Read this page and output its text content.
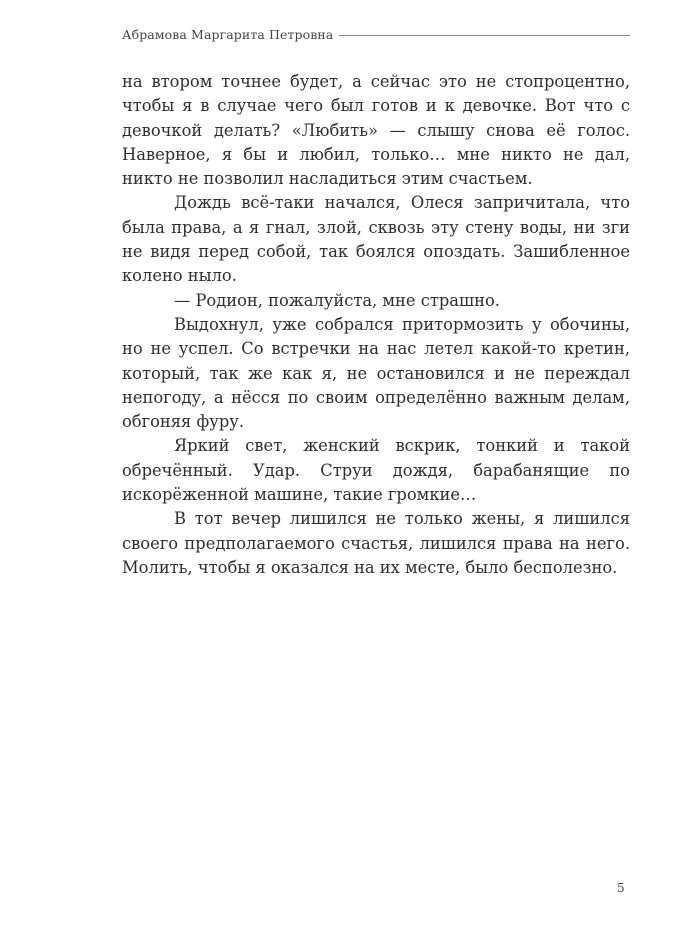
Абрамова Маргарита Петровна

на втором точнее будет, а сейчас это не стопроцентно, чтобы я в случае чего был готов и к девочке. Вот что с девочкой делать? «Любить» — слышу снова её голос. Наверное, я бы и любил, только… мне никто не дал, никто не позволил насладиться этим счастьем.

Дождь всё-таки начался, Олеся запричитала, что была права, а я гнал, злой, сквозь эту стену воды, ни зги не видя перед собой, так боялся опоздать. Зашибленное колено ныло.

— Родион, пожалуйста, мне страшно.

Выдохнул, уже собрался притормозить у обочины, но не успел. Со встречки на нас летел какой-то кретин, который, так же как я, не остановился и не переждал непогоду, а нёсся по своим определённо важным делам, обгоняя фуру.

Яркий свет, женский вскрик, тонкий и такой обречённый. Удар. Струи дождя, барабанящие по искорёженной машине, такие громкие…

В тот вечер лишился не только жены, я лишился своего предполагаемого счастья, лишился права на него. Молить, чтобы я оказался на их месте, было бесполезно.

5
